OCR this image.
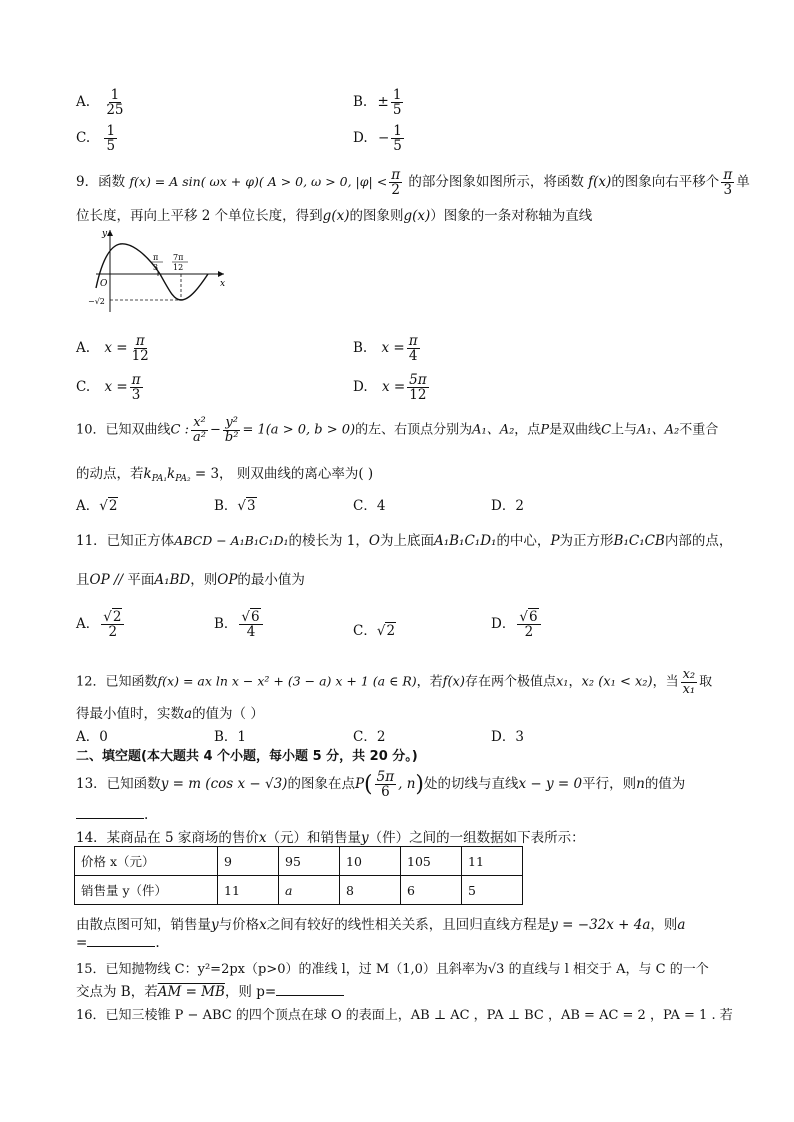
A. $\frac{1}{25}$	B. ± $\frac{1}{5}$
C. $\frac{1}{5}$	D. − $\frac{1}{5}$
9．函数 f(x) = A sin( ωx + φ)( A > 0, ω > 0, $|\varphi| < \frac{\pi}{2}$ 的部分图象如图所示，将函数 f(x)的图象向右平移个 $\frac{\pi}{3}$ 单
位长度，再向上平移 2 个单位长度，得到g(x)的图象则g(x)）图象的一条对称轴为直线
y
x
O
π
3
7π
12
−√2
A. $x = \frac{\pi}{12}$	B. $x = \frac{\pi}{4}$
C. $x = \frac{\pi}{3}$	D. $x = \frac{5\pi}{12}$
10．已知双曲线C : $\frac{\text{x²}}{\text{a²}} - \frac{\text{y²}}{\text{b²}} = 1(a > 0$, b > 0)的左、右顶点分别为A₁、A₂，点P是双曲线C上与A₁、A₂不重合
的动点，若$k_{PA_1}k_{PA_2} = 3$， 则双曲线的离心率为( )
A．√2	B．√3	C．4	D．2
11．已知正方体ABCD − A₁B₁C₁D₁的棱长为 1，O为上底面A₁B₁C₁D₁的中心，P为正方形B₁C₁CB内部的点，
且OP // 平面A₁BD，则OP的最小值为
A． $\frac{√2}{2}$	B． $\frac{√6}{4}$	C．√2	D． $\frac{√6}{2}$
12．已知函数f(x) = ax ln x − x² + (3 − a) x + 1 (a ∈ R)，若f(x)存在两个极值点x₁，x₂ (x₁ < x₂)，当 $\frac{\text{x₂}}{\text{x₁}}$ 取
得最小值时，实数a的值为（ ）
A．0	B．1	C．2	D．3
二、填空题(本大题共 4 个小题，每小题 5 分，共 20 分。)
13．已知函数y = m (cos x − √3)的图象在点$P( \frac{5\pi}{6}$ , n)处的切线与直线x − y = 0平行，则n的值为
.
14．某商品在 5 家商场的售价x（元）和销售量y（件）之间的一组数据如下表所示：
价格 x（元）	9	95	10	105	11
销售量 y（件）	11	a	8	6	5
由散点图可知，销售量y与价格x之间有较好的线性相关关系，且回归直线方程是y = −32x + 4a，则a
=	.
15．已知抛物线 C：y²=2px（p>0）的准线 l，过 M（1,0）且斜率为√3 的直线与 l 相交于 A，与 C 的一个
交点为 B，若AM = MB，则 p=
16．已知三棱锥 P − ABC 的四个顶点在球 O 的表面上，AB ⊥ AC ，PA ⊥ BC ，AB = AC = 2 ，PA = 1 . 若
